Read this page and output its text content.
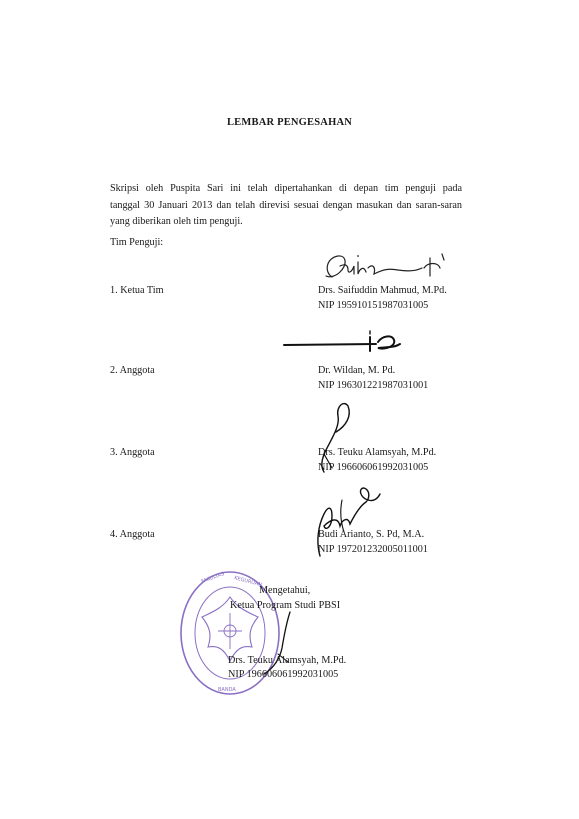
LEMBAR PENGESAHAN
Skripsi oleh Puspita Sari ini telah dipertahankan di depan tim penguji pada
tanggal 30 Januari 2013 dan telah direvisi sesuai dengan masukan dan saran-saran
yang diberikan oleh tim penguji.
Tim Penguji:
1. Ketua Tim	Drs. Saifuddin Mahmud, M.Pd.
NIP 195910151987031005
2. Anggota	Dr. Wildan, M. Pd.
NIP 196301221987031001
3. Anggota	Drs. Teuku Alamsyah, M.Pd.
NIP 196606061992031005
4. Anggota	Budi Arianto, S. Pd, M.A.
NIP 197201232005011001
FAKULTAS KEGURUAN
BANDA
Mengetahui,
Ketua Program Studi PBSI
Drs. Teuku Alamsyah, M.Pd.
NIP 196606061992031005
